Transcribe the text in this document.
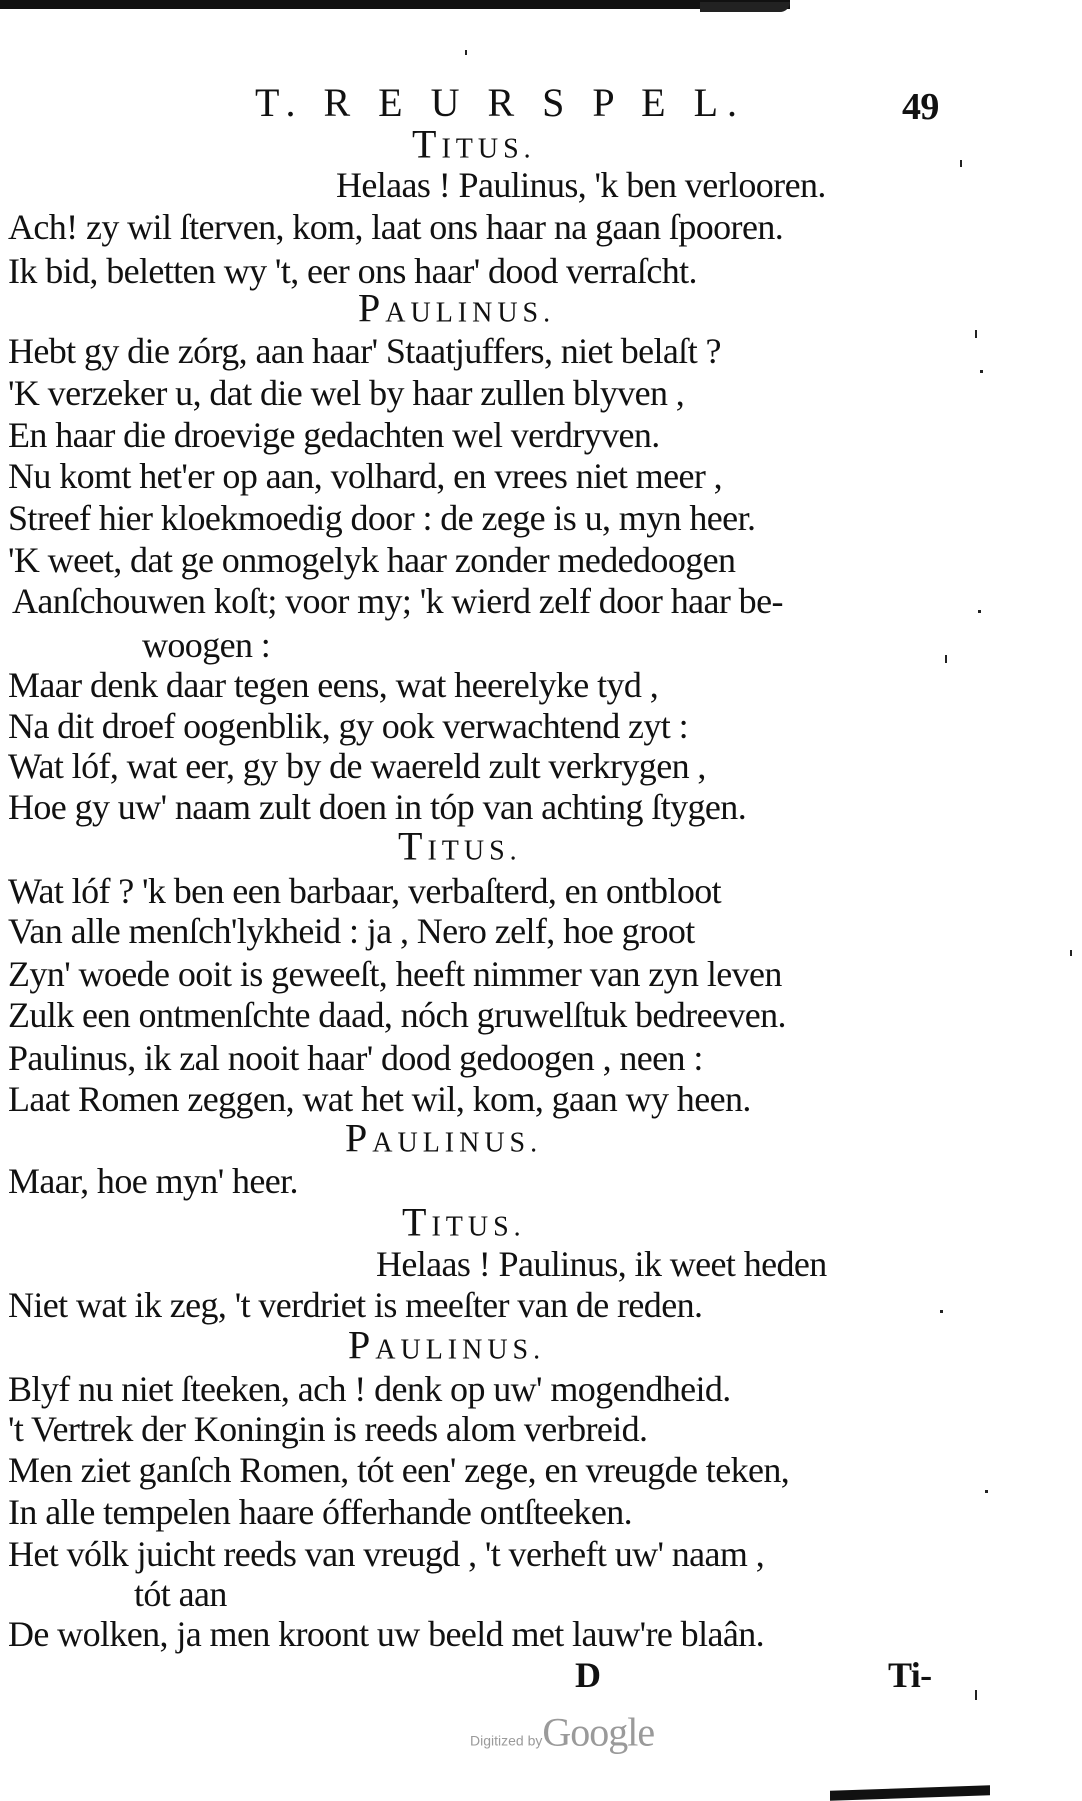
T. R E U R S P E L.	49
TITUS.
Helaas ! Paulinus, 'k ben verlooren.
Ach! zy wil ſterven, kom, laat ons haar na gaan ſpooren.
Ik bid, beletten wy 't, eer ons haar' dood verraſcht.
PAULINUS.
Hebt gy die zórg, aan haar' Staatjuffers, niet belaſt ?
'K verzeker u, dat die wel by haar zullen blyven ,
En haar die droevige gedachten wel verdryven.
Nu komt het'er op aan, volhard, en vrees niet meer ,
Streef hier kloekmoedig door : de zege is u, myn heer.
'K weet, dat ge onmogelyk haar zonder mededoogen
Aanſchouwen koſt; voor my; 'k wierd zelf door haar be-
woogen :
Maar denk daar tegen eens, wat heerelyke tyd ,
Na dit droef oogenblik, gy ook verwachtend zyt :
Wat lóf, wat eer, gy by de waereld zult verkrygen ,
Hoe gy uw' naam zult doen in tóp van achting ſtygen.
TITUS.
Wat lóf ? 'k ben een barbaar, verbaſterd, en ontbloot
Van alle menſch'lykheid : ja , Nero zelf, hoe groot
Zyn' woede ooit is geweeſt, heeft nimmer van zyn leven
Zulk een ontmenſchte daad, nóch gruwelſtuk bedreeven.
Paulinus, ik zal nooit haar' dood gedoogen , neen :
Laat Romen zeggen, wat het wil, kom, gaan wy heen.
PAULINUS.
Maar, hoe myn' heer.
TITUS.
Helaas ! Paulinus, ik weet heden
Niet wat ik zeg, 't verdriet is meeſter van de reden.
PAULINUS.
Blyf nu niet ſteeken, ach ! denk op uw' mogendheid.
't Vertrek der Koningin is reeds alom verbreid.
Men ziet ganſch Romen, tót een' zege, en vreugde teken,
In alle tempelen haare ófferhande ontſteeken.
Het vólk juicht reeds van vreugd , 't verheft uw' naam ,
tót aan
De wolken, ja men kroont uw beeld met lauw're blaân.
D	Ti-
Digitized byGoogle
